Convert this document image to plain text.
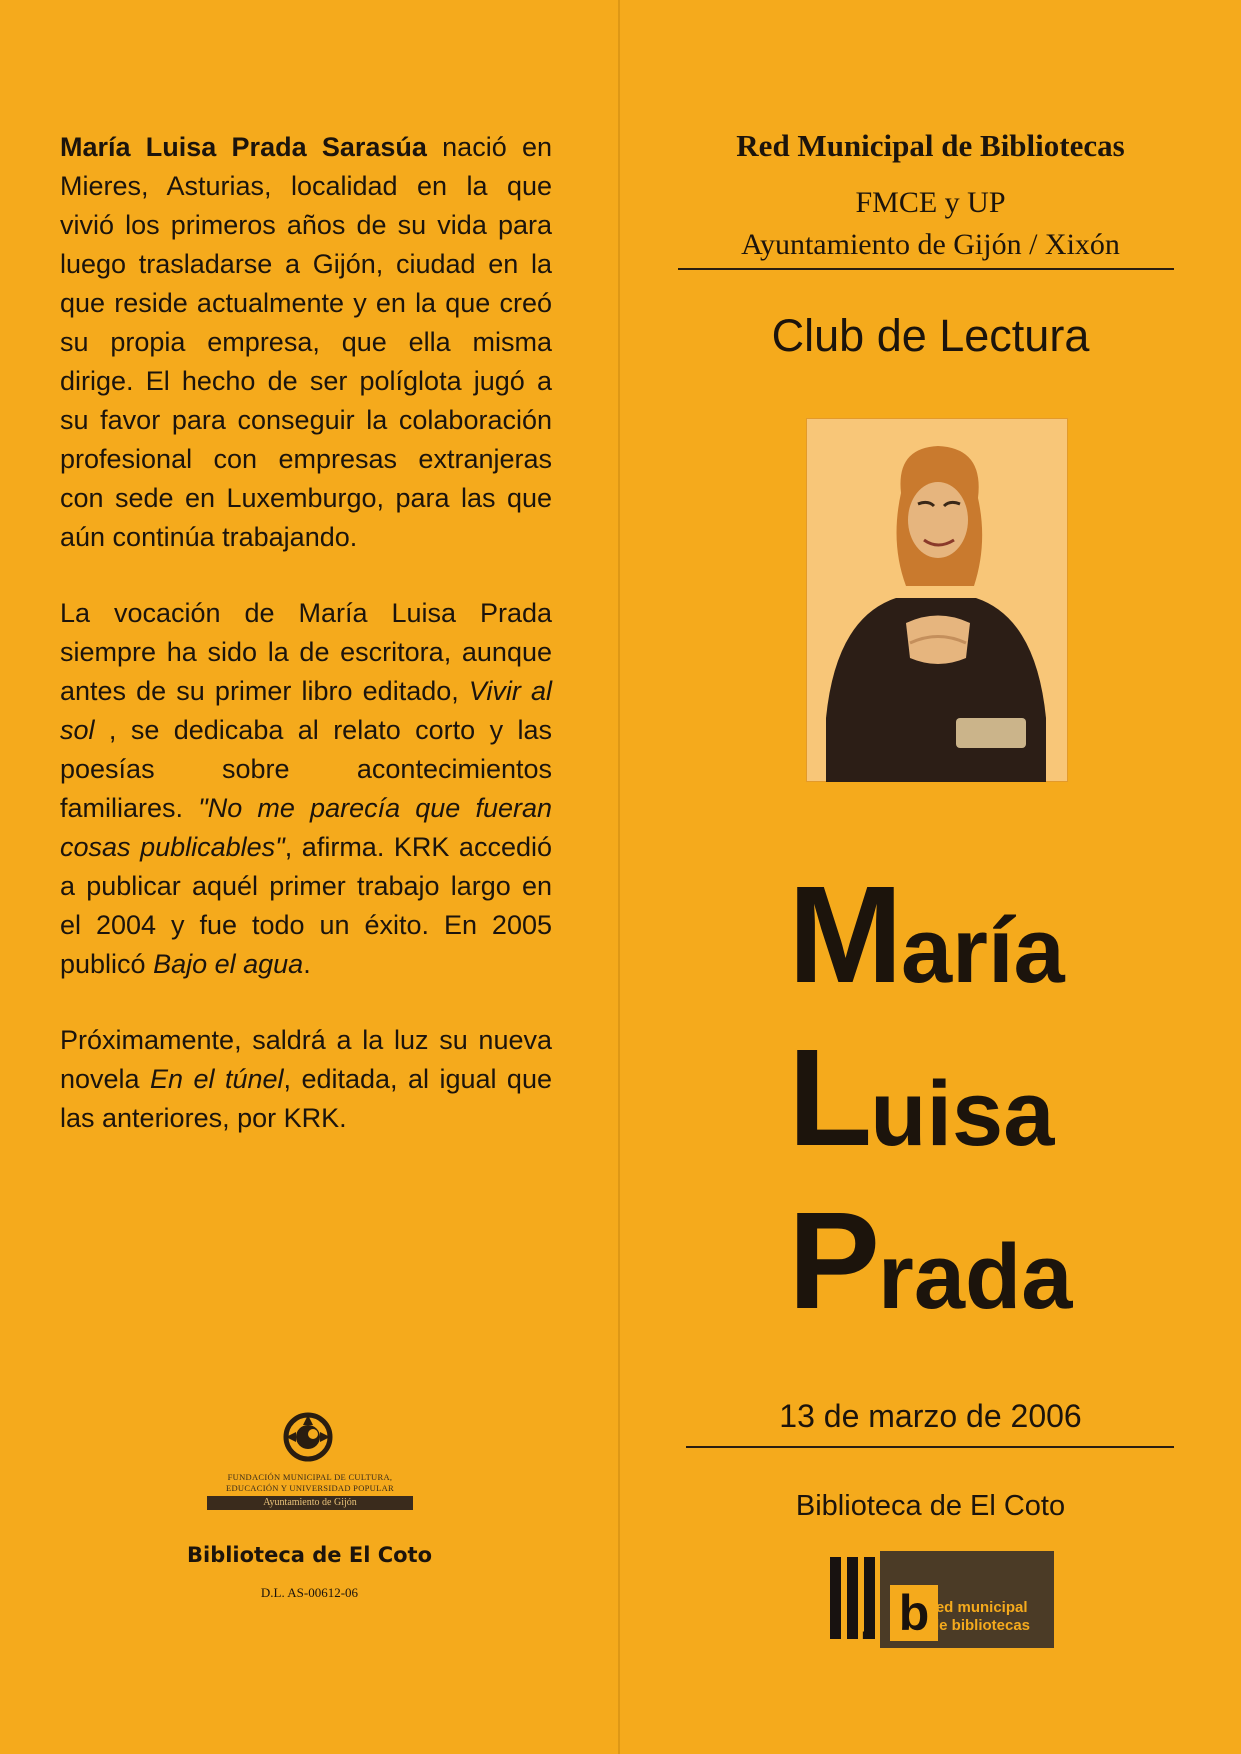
María Luisa Prada Sarasúa nació en Mieres, Asturias, localidad en la que vivió los primeros años de su vida para luego trasladarse a Gijón, ciudad en la que reside actualmente y en la que creó su propia empresa, que ella misma dirige. El hecho de ser políglota jugó a su favor para conseguir la colaboración profesional con empresas extranjeras con sede en Luxemburgo, para las que aún continúa trabajando.

La vocación de María Luisa Prada siempre ha sido la de escritora, aunque antes de su primer libro editado, Vivir al sol , se dedicaba al relato corto y las poesías sobre acontecimientos familiares. "No me parecía que fueran cosas publicables", afirma. KRK accedió a publicar aquél primer trabajo largo en el 2004 y fue todo un éxito. En 2005 publicó Bajo el agua.

Próximamente, saldrá a la luz su nueva novela En el túnel, editada, al igual que las anteriores, por KRK.

FUNDACIÓN MUNICIPAL DE CULTURA,
EDUCACIÓN Y UNIVERSIDAD POPULAR
Ayuntamiento de Gijón
Biblioteca de El Coto
D.L. AS-00612-06
Red Municipal de Bibliotecas
FMCE y UP
Ayuntamiento de Gijón / Xixón
Club de Lectura
María
Luisa
Prada
13 de marzo de 2006
Biblioteca de El Coto
RMB b red municipal
de bibliotecas
